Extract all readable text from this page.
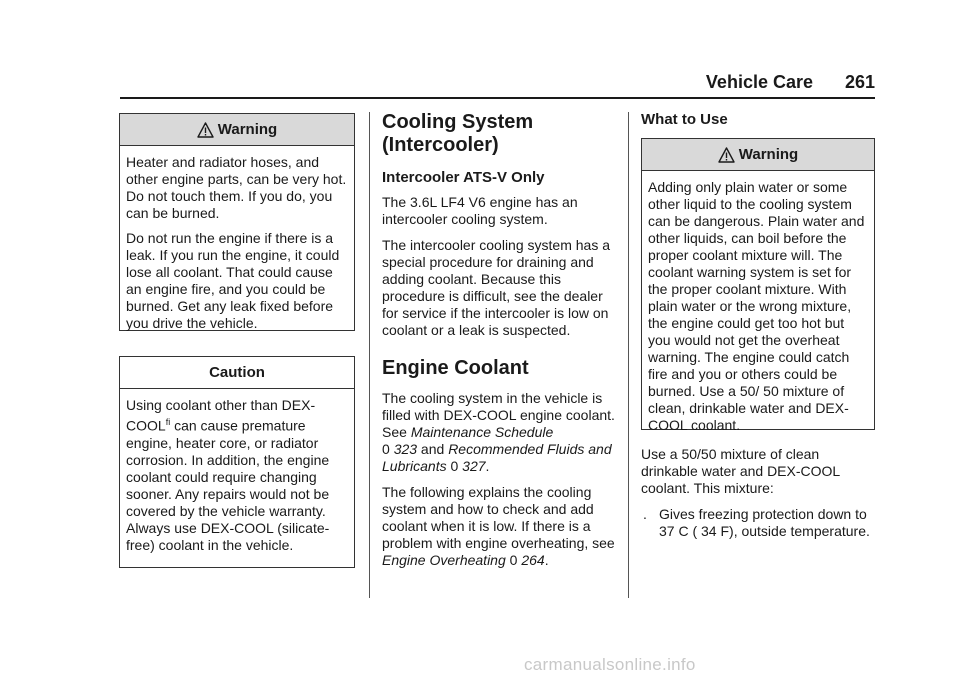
Vehicle Care 261
Warning

Heater and radiator hoses, and other engine parts, can be very hot. Do not touch them. If you do, you can be burned.

Do not run the engine if there is a leak. If you run the engine, it could lose all coolant. That could cause an engine fire, and you could be burned. Get any leak fixed before you drive the vehicle.

Caution

Using coolant other than DEX-$COOL^{fi}$ can cause premature engine, heater core, or radiator corrosion. In addition, the engine coolant could require changing sooner. Any repairs would not be covered by the vehicle warranty. Always use DEX-COOL (silicate-free) coolant in the vehicle.

Cooling System (Intercooler)
Intercooler ATS-V Only

The 3.6L LF4 V6 engine has an intercooler cooling system.

The intercooler cooling system has a special procedure for draining and adding coolant. Because this procedure is difficult, see the dealer for service if the intercooler is low on coolant or a leak is suspected.

Engine Coolant

The cooling system in the vehicle is filled with DEX-COOL engine coolant. See Maintenance Schedule
0 323 and Recommended Fluids and Lubricants 0 327.

The following explains the cooling system and how to check and add coolant when it is low. If there is a problem with engine overheating, see Engine Overheating 0 264.

What to Use
Warning

Adding only plain water or some other liquid to the cooling system can be dangerous. Plain water and other liquids, can boil before the proper coolant mixture will. The coolant warning system is set for the proper coolant mixture. With plain water or the wrong mixture, the engine could get too hot but you would not get the overheat warning. The engine could catch fire and you or others could be burned. Use a 50/ 50 mixture of clean, drinkable water and DEX-COOL coolant.

Use a 50/50 mixture of clean drinkable water and DEX-COOL coolant. This mixture:

. Gives freezing protection down to 37 C ( 34 F), outside temperature.
carmanualsonline.info
